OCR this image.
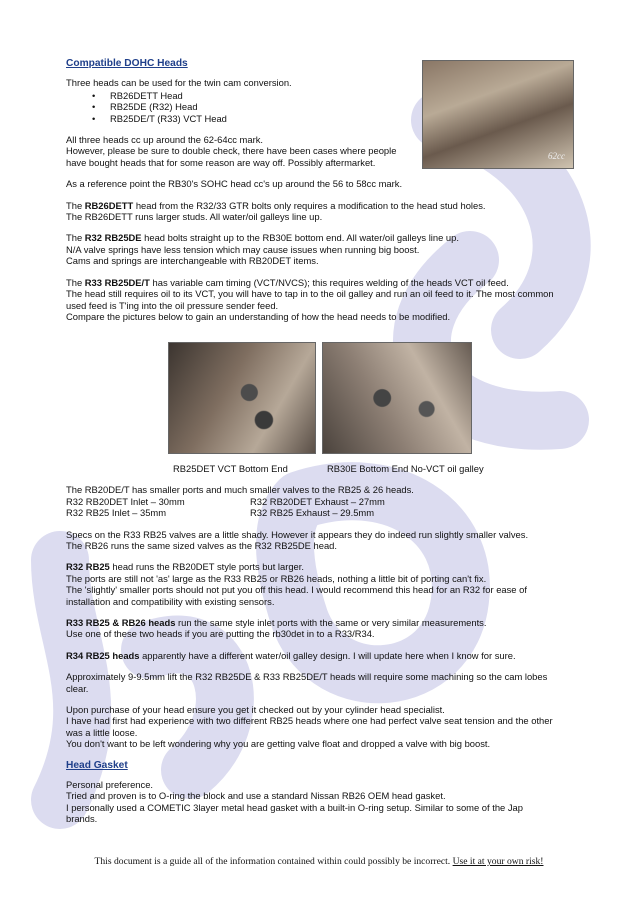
62cc
RB25DET VCT Bottom End	RB30E Bottom End No-VCT oil galley
Compatible DOHC Heads

Three heads can be used for the twin cam conversion.

• RB26DETT Head
• RB25DE (R32) Head
• RB25DE/T (R33) VCT Head

All three heads cc up around the 62-64cc mark.
However, please be sure to double check, there have been cases where people
have bought heads that for some reason are way off. Possibly aftermarket.

As a reference point the RB30's SOHC head cc's up around the 56 to 58cc mark.

The RB26DETT head from the R32/33 GTR bolts only requires a modification to the head stud holes.
The RB26DETT runs larger studs. All water/oil galleys line up.

The R32 RB25DE head bolts straight up to the RB30E bottom end. All water/oil galleys line up.
N/A valve springs have less tension which may cause issues when running big boost.
Cams and springs are interchangeable with RB20DET items.

The R33 RB25DE/T has variable cam timing (VCT/NVCS); this requires welding of the heads VCT oil feed.
The head still requires oil to its VCT, you will have to tap in to the oil galley and run an oil feed to it. The most common used feed is T'ing into the oil pressure sender feed.
Compare the pictures below to gain an understanding of how the head needs to be modified.

The RB20DE/T has smaller ports and much smaller valves to the RB25 & 26 heads.

R32 RB20DET Inlet – 30mm	R32 RB20DET Exhaust – 27mm
R32 RB25 Inlet – 35mm	R32 RB25 Exhaust – 29.5mm

Specs on the R33 RB25 valves are a little shady. However it appears they do indeed run slightly smaller valves.
The RB26 runs the same sized valves as the R32 RB25DE head.

R32 RB25 head runs the RB20DET style ports but larger.
The ports are still not 'as' large as the R33 RB25 or RB26 heads, nothing a little bit of porting can't fix.
The 'slightly' smaller ports should not put you off this head. I would recommend this head for an R32 for ease of installation and compatibility with existing sensors.

R33 RB25 & RB26 heads run the same style inlet ports with the same or very similar measurements.
Use one of these two heads if you are putting the rb30det in to a R33/R34.

R34 RB25 heads apparently have a different water/oil galley design. I will update here when I know for sure.

Approximately 9-9.5mm lift the R32 RB25DE & R33 RB25DE/T heads will require some machining so the cam lobes clear.

Upon purchase of your head ensure you get it checked out by your cylinder head specialist.
I have had first had experience with two different RB25 heads where one had perfect valve seat tension and the other was a little loose.
You don't want to be left wondering why you are getting valve float and dropped a valve with big boost.

Head Gasket

Personal preference.
Tried and proven is to O-ring the block and use a standard Nissan RB26 OEM head gasket.
I personally used a COMETIC 3layer metal head gasket with a built-in O-ring setup. Similar to some of the Jap brands.

This document is a guide all of the information contained within could possibly be incorrect. Use it at your own risk!
